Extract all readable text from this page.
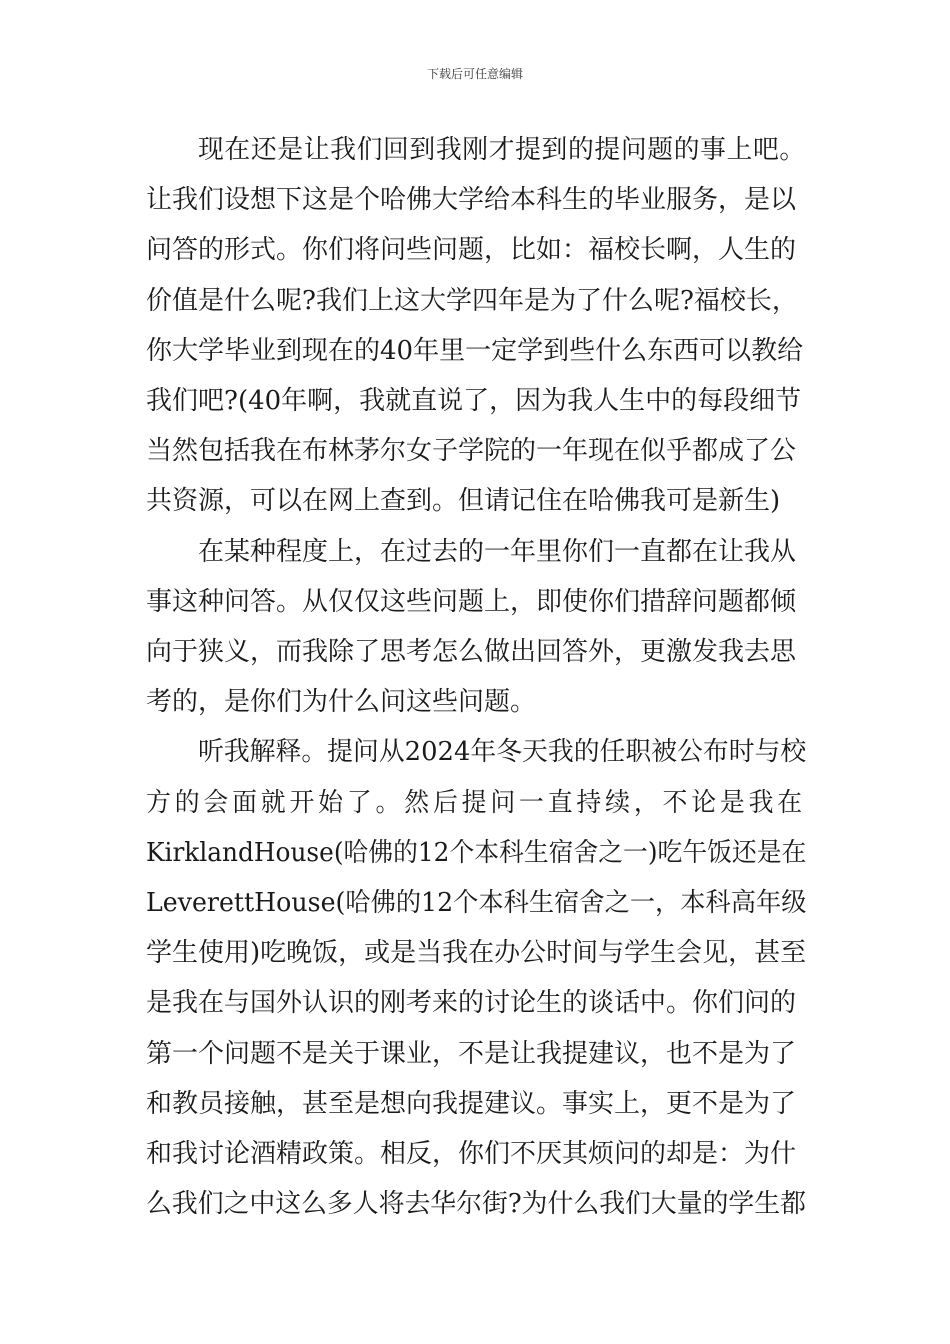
下载后可任意编辑
现在还是让我们回到我刚才提到的提问题的事上吧。
让我们设想下这是个哈佛大学给本科生的毕业服务，是以
问答的形式。你们将问些问题，比如：福校长啊，人生的
价值是什么呢?我们上这大学四年是为了什么呢?福校长，
你大学毕业到现在的40年里一定学到些什么东西可以教给
我们吧?(40年啊，我就直说了，因为我人生中的每段细节
当然包括我在布林茅尔女子学院的一年现在似乎都成了公
共资源，可以在网上查到。但请记住在哈佛我可是新生)
在某种程度上，在过去的一年里你们一直都在让我从
事这种问答。从仅仅这些问题上，即使你们措辞问题都倾
向于狭义，而我除了思考怎么做出回答外，更激发我去思
考的，是你们为什么问这些问题。
听我解释。提问从2024年冬天我的任职被公布时与校
方的会面就开始了。然后提问一直持续，不论是我在
KirklandHouse(哈佛的12个本科生宿舍之一)吃午饭还是在
LeverettHouse(哈佛的12个本科生宿舍之一，本科高年级
学生使用)吃晚饭，或是当我在办公时间与学生会见，甚至
是我在与国外认识的刚考来的讨论生的谈话中。你们问的
第一个问题不是关于课业，不是让我提建议，也不是为了
和教员接触，甚至是想向我提建议。事实上，更不是为了
和我讨论酒精政策。相反，你们不厌其烦问的却是：为什
么我们之中这么多人将去华尔街?为什么我们大量的学生都
